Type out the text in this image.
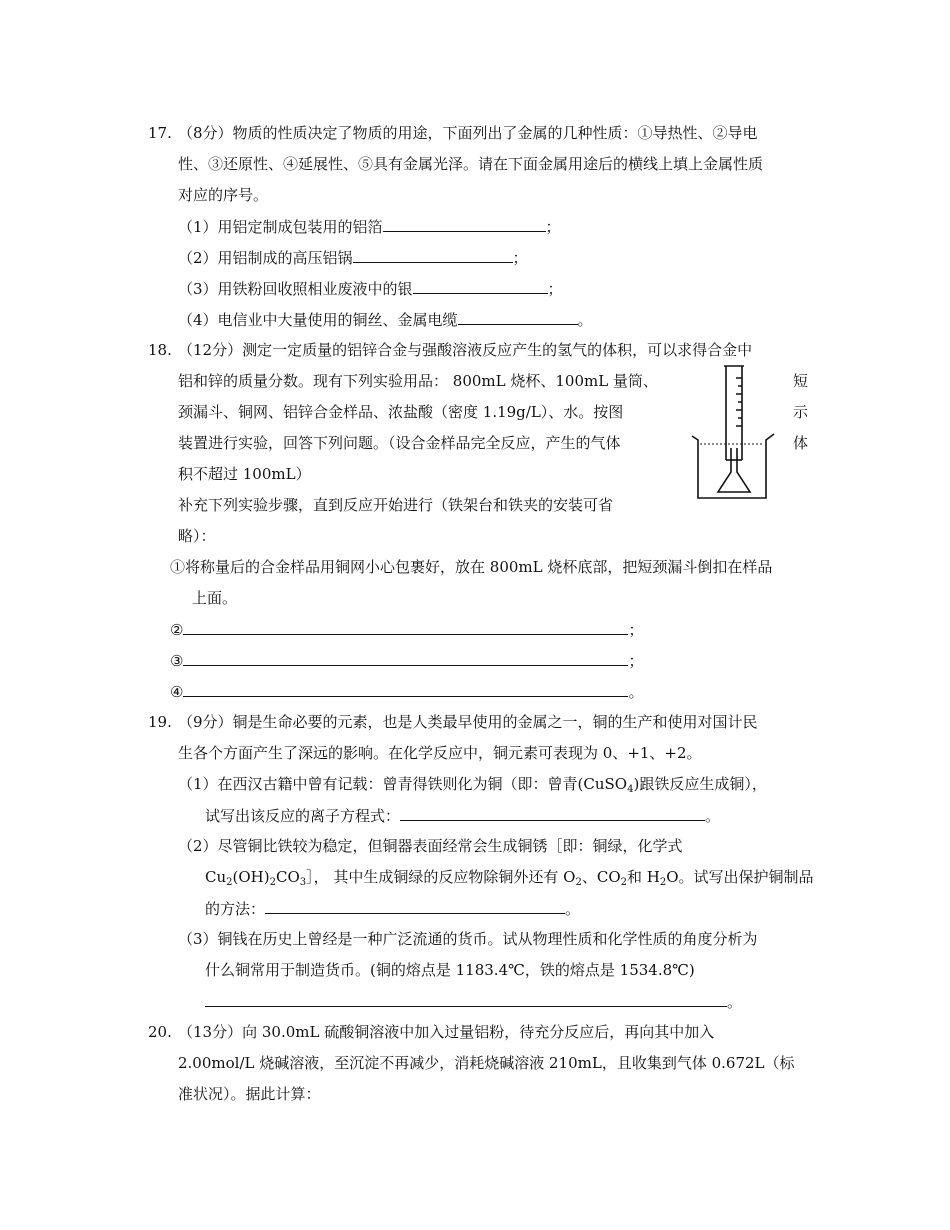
17. （8分）物质的性质决定了物质的用途，下面列出了金属的几种性质：①导热性、②导电
性、③还原性、④延展性、⑤具有金属光泽。请在下面金属用途后的横线上填上金属性质
对应的序号。
（1）用铝定制成包装用的铝箔	；
（2）用铝制成的高压铝锅	；
（3）用铁粉回收照相业废液中的银	；
（4）电信业中大量使用的铜丝、金属电缆	。
18. （12分）测定一定质量的铝锌合金与强酸溶液反应产生的氢气的体积，可以求得合金中
铝和锌的质量分数。现有下列实验用品： 800mL 烧杯、100mL 量筒、
颈漏斗、铜网、铝锌合金样品、浓盐酸（密度 1.19g/L）、水。按图
装置进行实验，回答下列问题。（设合金样品完全反应，产生的气体
积不超过 100mL）
短
示
体
补充下列实验步骤，直到反应开始进行（铁架台和铁夹的安装可省
略）：
①将称量后的合金样品用铜网小心包裹好，放在 800mL 烧杯底部，把短颈漏斗倒扣在样品
上面。
②	；
③	；
④	。
19. （9分）铜是生命必要的元素，也是人类最早使用的金属之一，铜的生产和使用对国计民
生各个方面产生了深远的影响。在化学反应中，铜元素可表现为 0、+1、+2。
（1）在西汉古籍中曾有记载：曾青得铁则化为铜（即：曾青(CuSO$_4$)跟铁反应生成铜），
试写出该反应的离子方程式：	。
（2）尽管铜比铁较为稳定，但铜器表面经常会生成铜锈［即：铜绿，化学式
$Cu_2(OH)_2CO_3]$， 其中生成铜绿的反应物除铜外还有 $O_2$、$CO_2$和 $H_2O$。试写出保护铜制品
的方法：	。
（3）铜钱在历史上曾经是一种广泛流通的货币。试从物理性质和化学性质的角度分析为
什么铜常用于制造货币。(铜的熔点是 1183.4℃，铁的熔点是 1534.8℃)
。
20. （13分）向 30.0mL 硫酸铜溶液中加入过量铝粉，待充分反应后，再向其中加入
2.00mol/L 烧碱溶液，至沉淀不再减少，消耗烧碱溶液 210mL，且收集到气体 0.672L（标
准状况）。据此计算：
